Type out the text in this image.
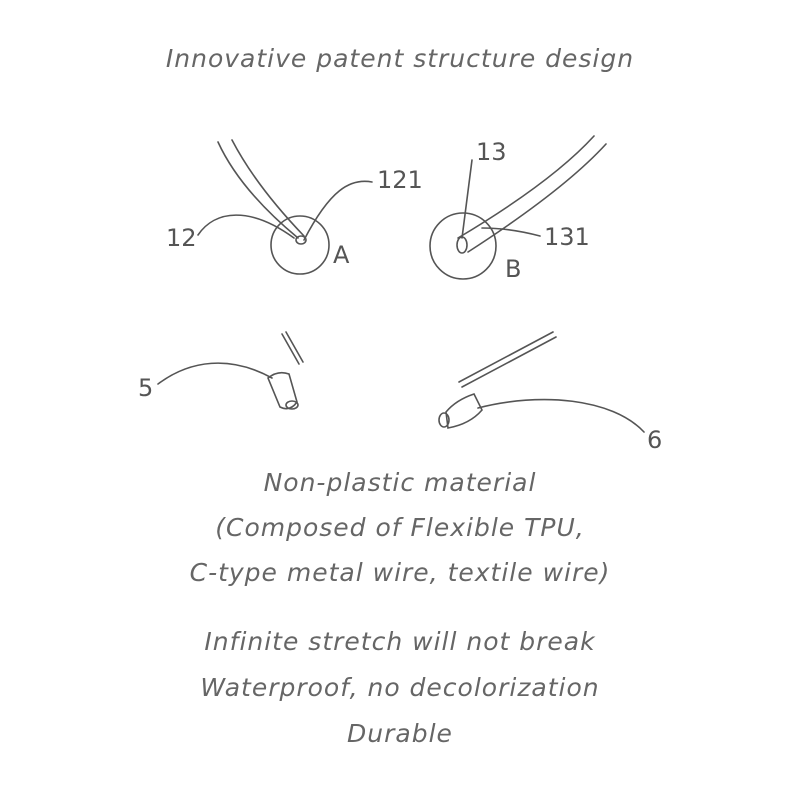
Innovative patent structure design
12
121
A
13
131
B
5
6
Non-plastic material
(Composed of Flexible TPU,
C-type metal wire, textile wire)
Infinite stretch will not break
Waterproof, no decolorization
Durable
